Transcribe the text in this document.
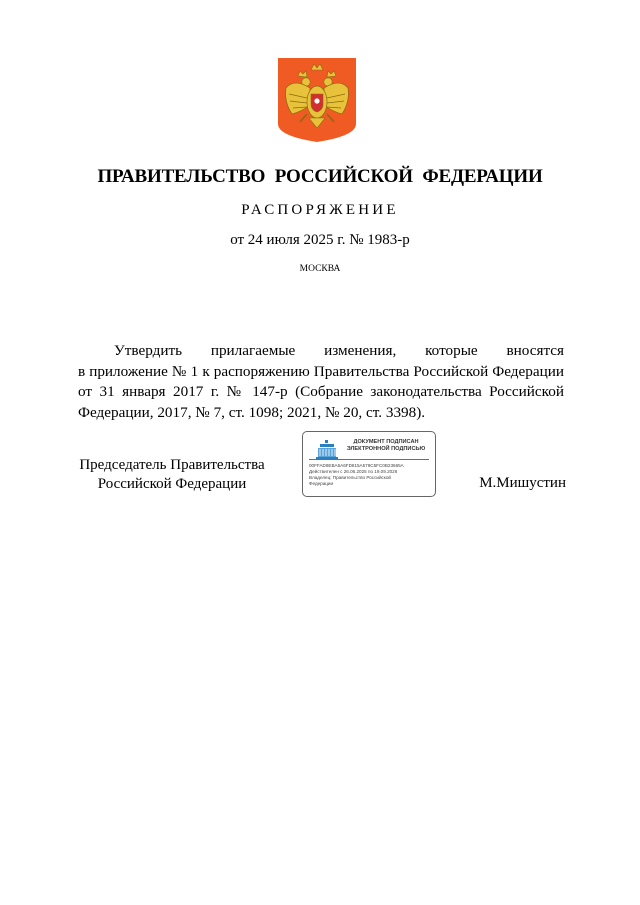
ПРАВИТЕЛЬСТВО РОССИЙСКОЙ ФЕДЕРАЦИИ
РАСПОРЯЖЕНИЕ
от 24 июля 2025 г. № 1983-р
МОСКВА
Утвердить прилагаемые изменения, которые вносятся
в приложение № 1 к распоряжению Правительства Российской Федерации
от 31 января 2017 г. № 147-р (Собрание законодательства Российской
Федерации, 2017, № 7, ст. 1098; 2021, № 20, ст. 3398).
Председатель Правительства
Российской Федерации
ДОКУМЕНТ ПОДПИСАН
ЭЛЕКТРОННОЙ ПОДПИСЬЮ
00FFAD9EBA5A6FD815A579C5FC0B23665A
Действителен с 26.06.2025 по 19.09.2026
Владелец: Правительство Российской
Федерации	М.Мишустин
